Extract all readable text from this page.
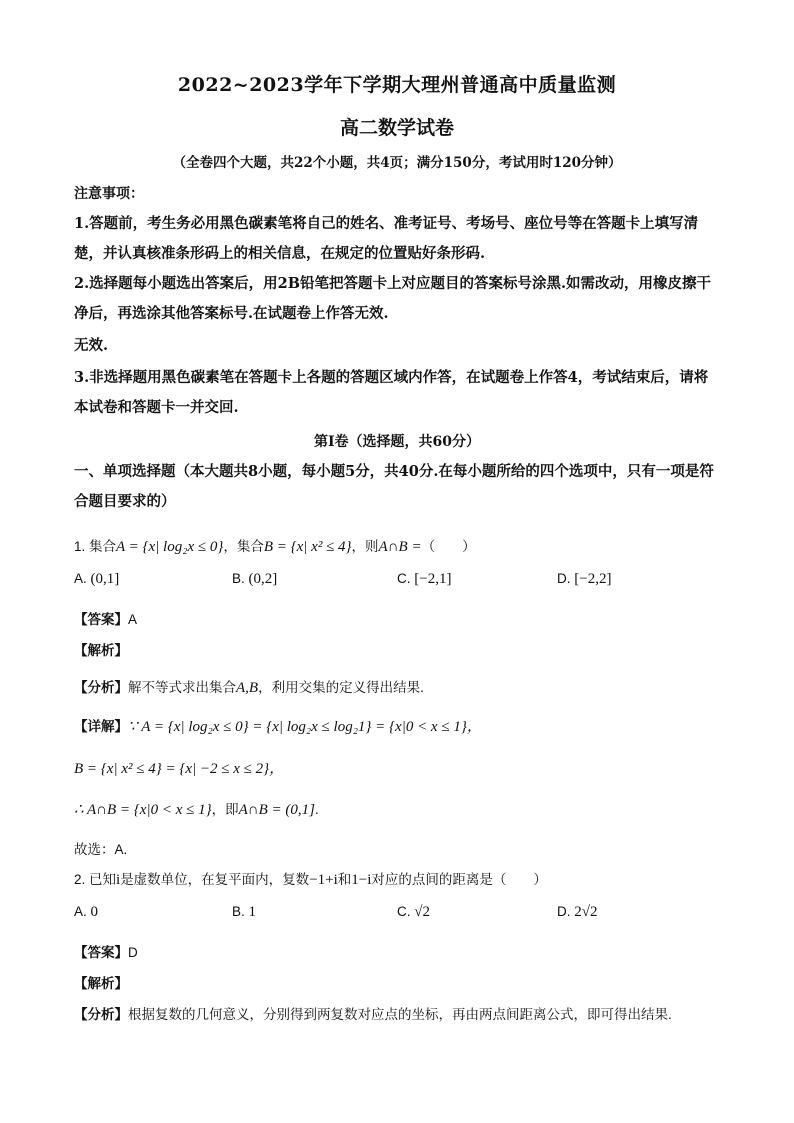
2022~2023学年下学期大理州普通高中质量监测
高二数学试卷
（全卷四个大题，共22个小题，共4页；满分150分，考试用时120分钟）
注意事项：
1.答题前，考生务必用黑色碳素笔将自己的姓名、准考证号、考场号、座位号等在答题卡上填写清楚，并认真核准条形码上的相关信息，在规定的位置贴好条形码.
2.选择题每小题选出答案后，用2B铅笔把答题卡上对应题目的答案标号涂黑.如需改动，用橡皮擦干净后，再选涂其他答案标号.在试题卷上作答无效.
无效.
3.非选择题用黑色碳素笔在答题卡上各题的答题区域内作答，在试题卷上作答4，考试结束后，请将本试卷和答题卡一并交回.
第Ⅰ卷（选择题，共60分）
一、单项选择题（本大题共8小题，每小题5分，共40分.在每小题所给的四个选项中，只有一项是符合题目要求的）
1. 集合A = {x| log₂x ≤ 0}，集合B = {x| x² ≤ 4}，则A∩B =（　　）
A. (0,1]	B. (0,2]	C. [−2,1]	D. [−2,2]
【答案】A
【解析】
【分析】解不等式求出集合A,B，利用交集的定义得出结果.
【详解】∵ A = {x| log₂x ≤ 0} = {x| log₂x ≤ log₂1} = {x|0 < x ≤ 1}，
B = {x| x² ≤ 4} = {x| −2 ≤ x ≤ 2}，
∴ A∩B = {x|0 < x ≤ 1}，即A∩B = (0,1].
故选：A.
2. 已知i是虚数单位，在复平面内，复数−1+i和1−i对应的点间的距离是（　　）
A. 0	B. 1	C. √2	D. 2√2
【答案】D
【解析】
【分析】根据复数的几何意义，分别得到两复数对应点的坐标，再由两点间距离公式，即可得出结果.
